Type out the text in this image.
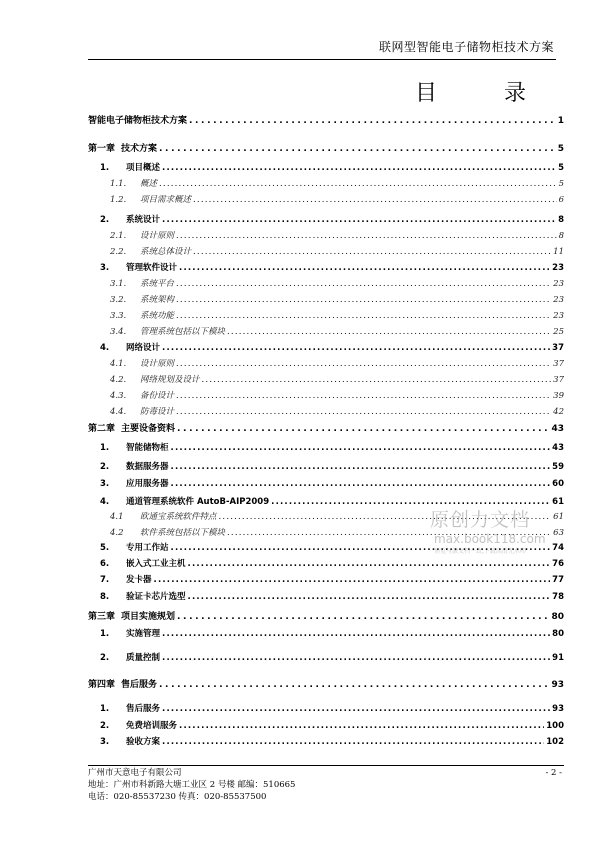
联网型智能电子储物柜技术方案
目 录
智能电子储物柜技术方案 .....	1
第一章 技术方案 .....	5
1.	项目概述 .....	5
1.1.	概述 .....	5
1.2.	项目需求概述 .....	6
2.	系统设计 .....	8
2.1.	设计原则 .....	8
2.2.	系统总体设计 .....	11
3.	管理软件设计 .....	23
3.1.	系统平台 .....	23
3.2.	系统架构 .....	23
3.3.	系统功能 .....	23
3.4.	管理系统包括以下模块 .....	25
4.	网络设计 .....	37
4.1.	设计原则 .....	37
4.2.	网络规划及设计 .....	37
4.3.	备份设计 .....	39
4.4.	防毒设计 .....	42
第二章 主要设备资料 .....	43
1.	智能储物柜 .....	43
2.	数据服务器 .....	59
3.	应用服务器 .....	60
4.	通道管理系统软件 AutoB-AIP2009 .....	61
4.1	欧通宝系统软件特点 .....	61
4.2	软件系统包括以下模块 .....	63
5.	专用工作站 .....	74
6.	嵌入式工业主机 .....	76
7.	发卡器 .....	77
8.	验证卡芯片选型 .....	78
第三章 项目实施规划 .....	80
1.	实施管理 .....	80
2.	质量控制 .....	91
第四章 售后服务 .....	93
1.	售后服务 .....	93
2.	免费培训服务 .....	100
3.	验收方案 .....	102
原创力文档
max.book118.com
预览与源文档一致,下载高清无水印
广州市天意电子有限公司	- 2 -
地址：广州市科新路大塘工业区 2 号楼 邮编：510665
电话：020-85537230 传真：020-85537500
